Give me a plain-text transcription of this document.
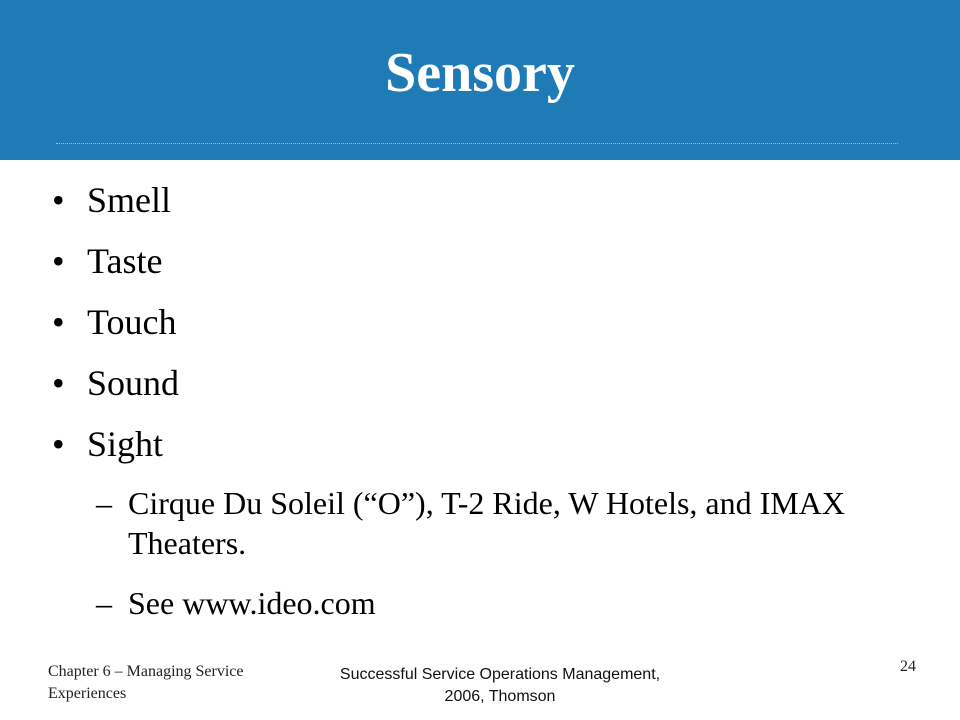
Sensory
• Smell
• Taste
• Touch
• Sound
• Sight
– Cirque Du Soleil (“O”), T-2 Ride, W Hotels, and IMAX Theaters.
– See www.ideo.com
Chapter 6 – Managing Service Experiences
Successful Service Operations Management, 2006, Thomson
24
